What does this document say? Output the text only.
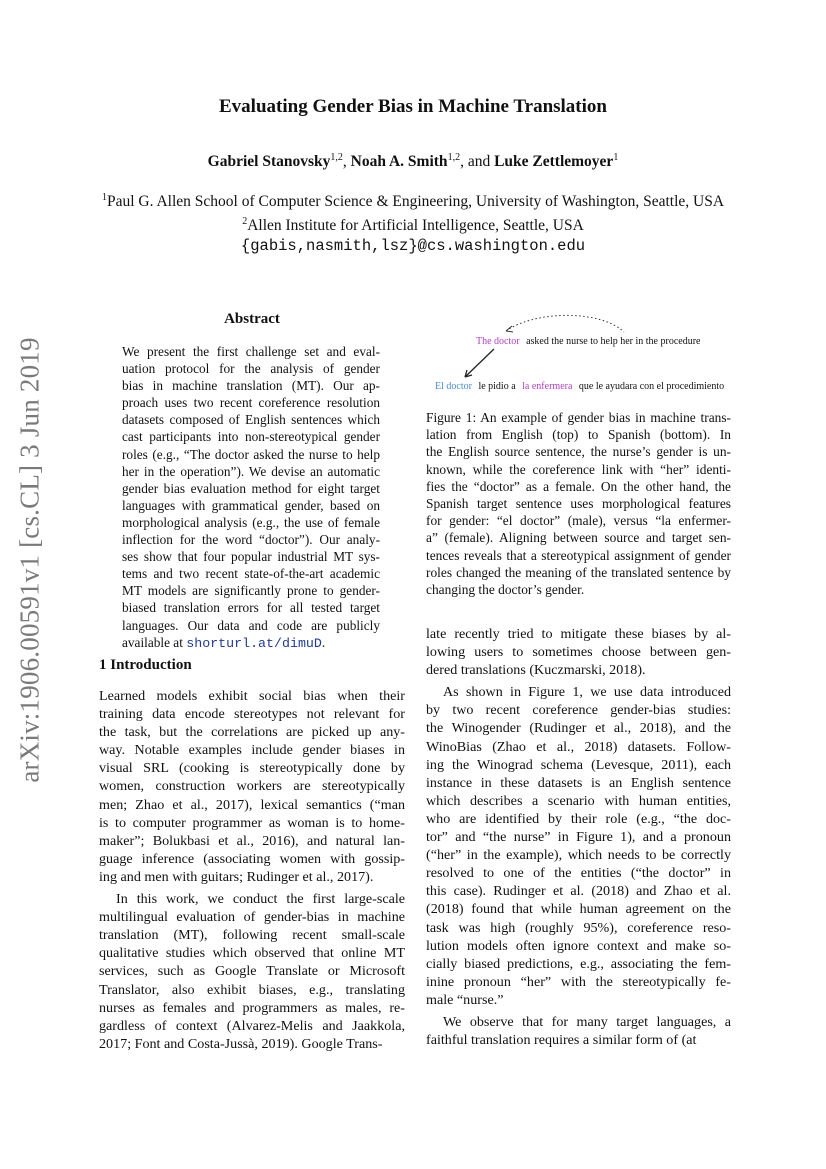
arXiv:1906.00591v1 [cs.CL] 3 Jun 2019
Evaluating Gender Bias in Machine Translation
Gabriel Stanovsky$^{1,2}$, Noah A. Smith$^{1,2}$, and Luke Zettlemoyer$^1$
$^1$Paul G. Allen School of Computer Science & Engineering, University of Washington, Seattle, USA
$^2$Allen Institute for Artificial Intelligence, Seattle, USA
{gabis,nasmith,lsz}@cs.washington.edu
Abstract
We present the first challenge set and eval-
uation protocol for the analysis of gender
bias in machine translation (MT). Our ap-
proach uses two recent coreference resolution
datasets composed of English sentences which
cast participants into non-stereotypical gender
roles (e.g., “The doctor asked the nurse to help
her in the operation”). We devise an automatic
gender bias evaluation method for eight target
languages with grammatical gender, based on
morphological analysis (e.g., the use of female
inflection for the word “doctor”). Our analy-
ses show that four popular industrial MT sys-
tems and two recent state-of-the-art academic
MT models are significantly prone to gender-
biased translation errors for all tested target
languages. Our data and code are publicly
available at shorturl.at/dimuD.
The doctor asked the nurse to help her in the procedure
El doctor le pidio a la enfermera que le ayudara con el procedimiento
Figure 1: An example of gender bias in machine trans-
lation from English (top) to Spanish (bottom). In
the English source sentence, the nurse’s gender is un-
known, while the coreference link with “her” identi-
fies the “doctor” as a female. On the other hand, the
Spanish target sentence uses morphological features
for gender: “el doctor” (male), versus “la enfermer-
a” (female). Aligning between source and target sen-
tences reveals that a stereotypical assignment of gender
roles changed the meaning of the translated sentence by
changing the doctor’s gender.
1 Introduction
Learned models exhibit social bias when their
training data encode stereotypes not relevant for
the task, but the correlations are picked up any-
way. Notable examples include gender biases in
visual SRL (cooking is stereotypically done by
women, construction workers are stereotypically
men; Zhao et al., 2017), lexical semantics (“man
is to computer programmer as woman is to home-
maker”; Bolukbasi et al., 2016), and natural lan-
guage inference (associating women with gossip-
ing and men with guitars; Rudinger et al., 2017).
In this work, we conduct the first large-scale
multilingual evaluation of gender-bias in machine
translation (MT), following recent small-scale
qualitative studies which observed that online MT
services, such as Google Translate or Microsoft
Translator, also exhibit biases, e.g., translating
nurses as females and programmers as males, re-
gardless of context (Alvarez-Melis and Jaakkola,
2017; Font and Costa-Jussà, 2019). Google Trans-
late recently tried to mitigate these biases by al-
lowing users to sometimes choose between gen-
dered translations (Kuczmarski, 2018).
As shown in Figure 1, we use data introduced
by two recent coreference gender-bias studies:
the Winogender (Rudinger et al., 2018), and the
WinoBias (Zhao et al., 2018) datasets. Follow-
ing the Winograd schema (Levesque, 2011), each
instance in these datasets is an English sentence
which describes a scenario with human entities,
who are identified by their role (e.g., “the doc-
tor” and “the nurse” in Figure 1), and a pronoun
(“her” in the example), which needs to be correctly
resolved to one of the entities (“the doctor” in
this case). Rudinger et al. (2018) and Zhao et al.
(2018) found that while human agreement on the
task was high (roughly 95%), coreference reso-
lution models often ignore context and make so-
cially biased predictions, e.g., associating the fem-
inine pronoun “her” with the stereotypically fe-
male “nurse.”
We observe that for many target languages, a
faithful translation requires a similar form of (at
